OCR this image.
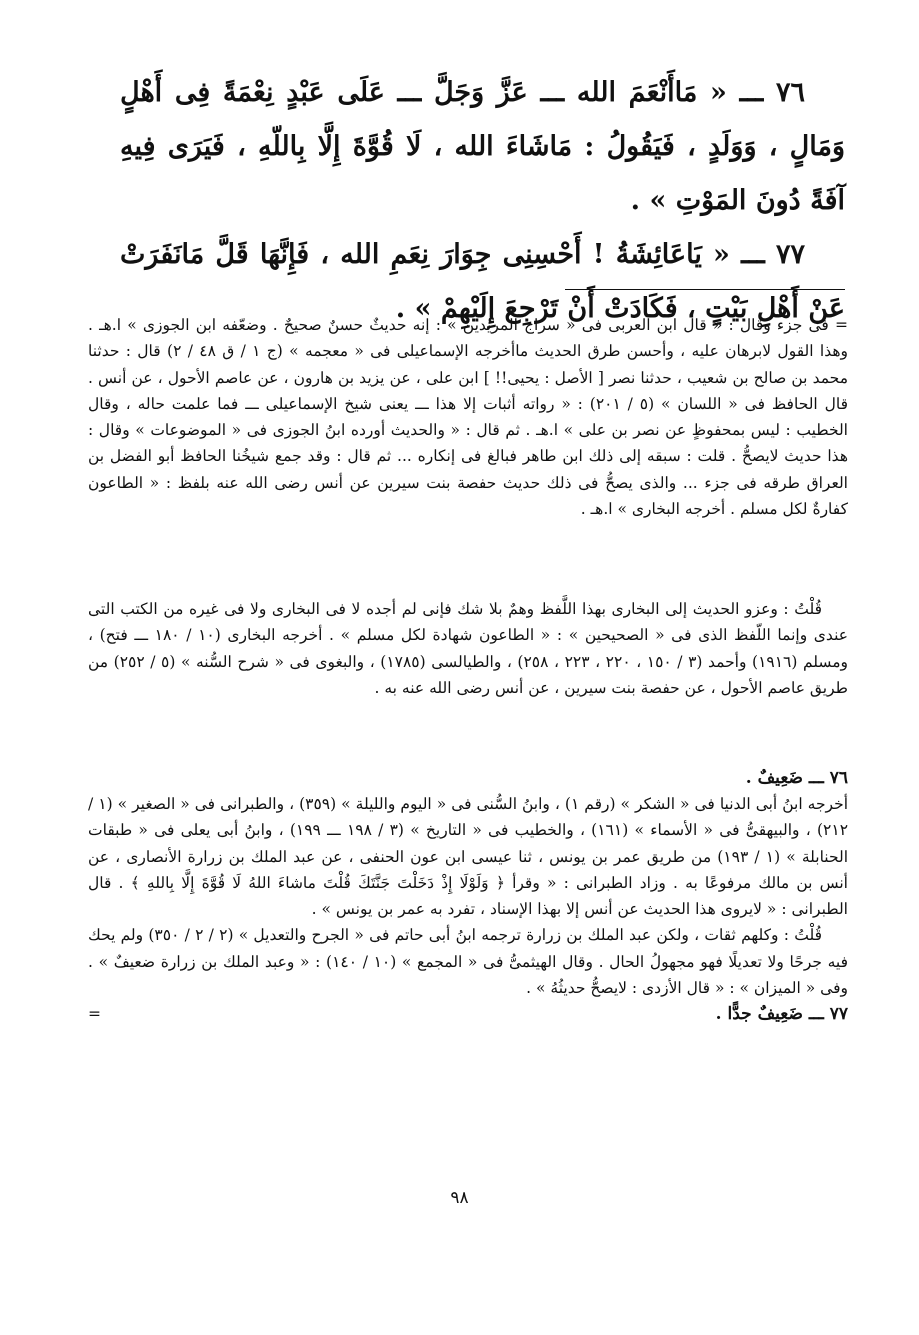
٧٦ ـــ « مَاأَنْعَمَ الله ـــ عَزَّ وَجَلَّ ـــ عَلَى عَبْدٍ نِعْمَةً فِى أَهْلٍ وَمَالٍ ، وَوَلَدٍ ، فَيَقُولُ : مَاشَاءَ الله ، لَا قُوَّةَ إِلَّا بِاللّهِ ، فَيَرَى فِيهِ آفَةً دُونَ المَوْتِ » .

٧٧ ـــ « يَاعَائِشَةُ ! أَحْسِنِى جِوَارَ نِعَمِ الله ، فَإِنَّهَا قَلَّ مَانَفَرَتْ عَنْ أَهْلِ بَيْتٍ ، فَكَادَتْ أَنْ تَرْجِعَ إِلَيْهِمْ » .

= فى جزء وقال : « قال ابن العربى فى « سراج المريدين » : إنه حديثٌ حسنٌ صحيحٌ . وضعّفه ابن الجوزى » ا.هـ . وهذا القول لابرهان عليه ، وأحسن طرق الحديث ماأخرجه الإسماعيلى فى « معجمه » (ج ١ / ق ٤٨ / ٢) قال : حدثنا محمد بن صالح بن شعيب ، حدثنا نصر [ الأصل : يحيى!! ] ابن على ، عن يزيد بن هارون ، عن عاصم الأحول ، عن أنس . قال الحافظ فى « اللسان » (٥ / ٢٠١) : « رواته أثبات إلا هذا ـــ يعنى شيخ الإسماعيلى ـــ فما علمت حاله ، وقال الخطيب : ليس بمحفوظٍ عن نصر بن على » ا.هـ . ثم قال : « والحديث أورده ابنُ الجوزى فى « الموضوعات » وقال : هذا حديث لايصحُّ . قلت : سبقه إلى ذلك ابن طاهر فبالغ فى إنكاره ... ثم قال : وقد جمع شيخُنا الحافظ أبو الفضل بن العراق طرقه فى جزء ... والذى يصحُّ فى ذلك حديث حفصة بنت سيرين عن أنس رضى الله عنه بلفظ : « الطاعون كفارةٌ لكل مسلم . أخرجه البخارى » ا.هـ .

قُلْتُ : وعزو الحديث إلى البخارى بهذا اللَّفظ وهمٌ بلا شك فإنى لم أجده لا فى البخارى ولا فى غيره من الكتب التى عندى وإنما اللّفظ الذى فى « الصحيحين » : « الطاعون شهادة لكل مسلم » . أخرجه البخارى (١٠ / ١٨٠ ـــ فتح) ، ومسلم (١٩١٦) وأحمد (٣ / ١٥٠ ، ٢٢٠ ، ٢٢٣ ، ٢٥٨) ، والطيالسى (١٧٨٥) ، والبغوى فى « شرح السُّنه » (٥ / ٢٥٢) من طريق عاصم الأحول ، عن حفصة بنت سيرين ، عن أنس رضى الله عنه به .

٧٦ ـــ ضَعِيفٌ .

أخرجه ابنُ أبى الدنيا فى « الشكر » (رقم ١) ، وابنُ السُّنى فى « اليوم والليلة » (٣٥٩) ، والطبرانى فى « الصغير » (١ / ٢١٢) ، والبيهقىُّ فى « الأسماء » (١٦١) ، والخطيب فى « التاريخ » (٣ / ١٩٨ ـــ ١٩٩) ، وابنُ أبى يعلى فى « طبقات الحنابلة » (١ / ١٩٣) من طريق عمر بن يونس ، ثنا عيسى ابن عون الحنفى ، عن عبد الملك بن زرارة الأنصارى ، عن أنس بن مالك مرفوعًا به . وزاد الطبرانى : « وقرأ ﴿ وَلَوْلَا إِذْ دَخَلْتَ جَنَّتَكَ قُلْتَ ماشاءَ اللهُ لَا قُوَّةَ إِلَّا بِاللهِ ﴾ . قال الطبرانى : « لايروى هذا الحديث عن أنس إلا بهذا الإسناد ، تفرد به عمر بن يونس » .

قُلْتُ : وكلهم ثقات ، ولكن عبد الملك بن زرارة ترجمه ابنُ أبى حاتم فى « الجرح والتعديل » (٢ / ٢ / ٣٥٠) ولم يحك فيه جرحًا ولا تعديلًا فهو مجهولُ الحال . وقال الهيثمىُّ فى « المجمع » (١٠ / ١٤٠) : « وعبد الملك بن زرارة ضعيفٌ » . وفى « الميزان » : « قال الأزدى : لايصحُّ حديثُهُ » .

٧٧ ـــ ضَعِيفٌ جدًّا .
=

٩٨
